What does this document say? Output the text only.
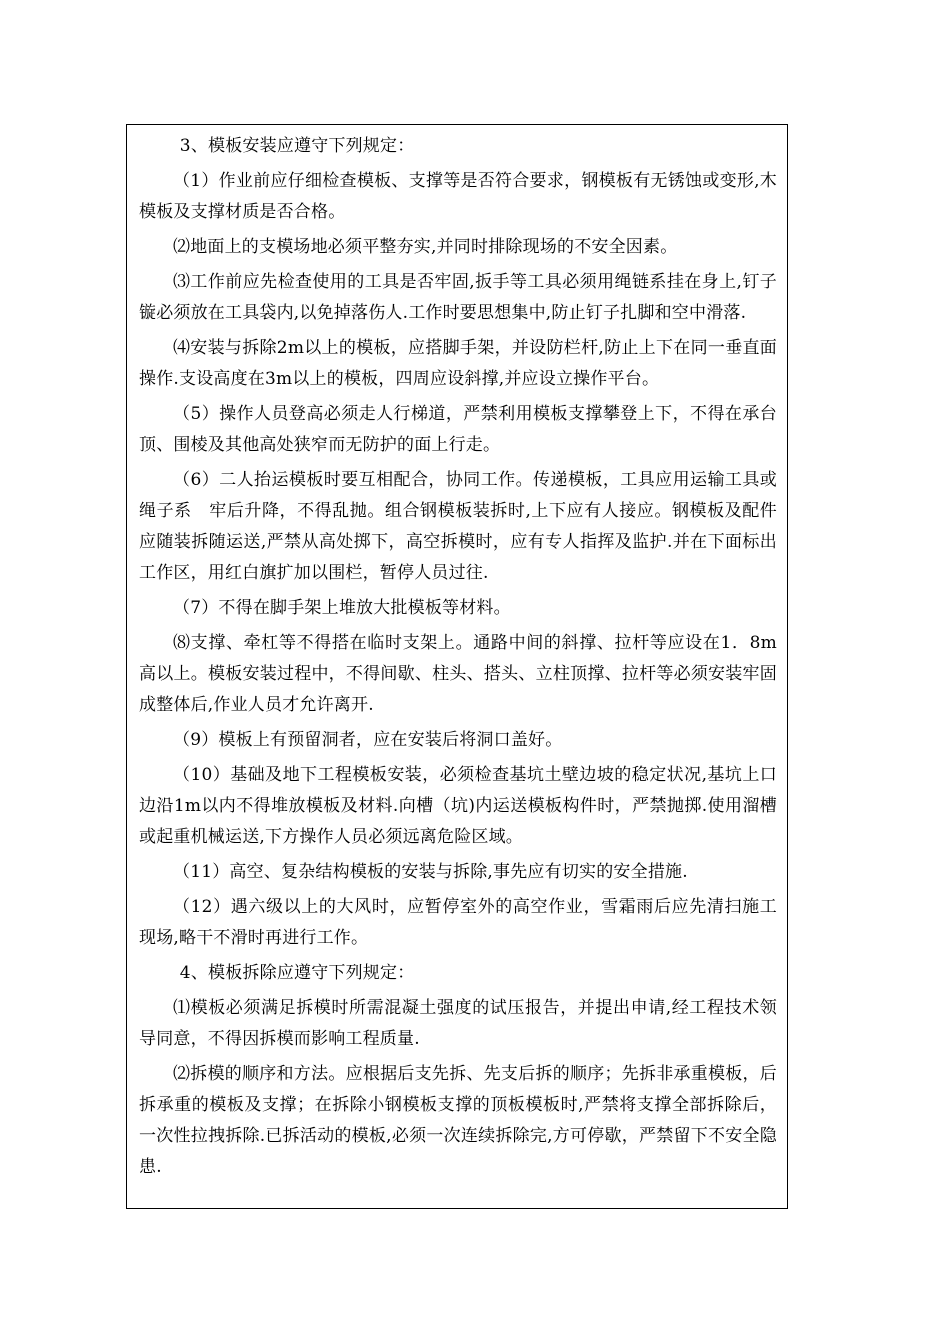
3、模板安装应遵守下列规定：

（1）作业前应仔细检查模板、支撑等是否符合要求，钢模板有无锈蚀或变形,木模板及支撑材质是否合格。

⑵地面上的支模场地必须平整夯实,并同时排除现场的不安全因素。

⑶工作前应先检查使用的工具是否牢固,扳手等工具必须用绳链系挂在身上,钉子镟必须放在工具袋内,以免掉落伤人.工作时要思想集中,防止钉子扎脚和空中滑落.

⑷安装与拆除2m以上的模板，应搭脚手架，并设防栏杆,防止上下在同一垂直面操作.支设高度在3m以上的模板，四周应设斜撑,并应设立操作平台。

（5）操作人员登高必须走人行梯道，严禁利用模板支撑攀登上下，不得在承台顶、围棱及其他高处狭窄而无防护的面上行走。

（6）二人抬运模板时要互相配合，协同工作。传递模板，工具应用运输工具或绳子系　牢后升降，不得乱抛。组合钢模板装拆时,上下应有人接应。钢模板及配件应随装拆随运送,严禁从高处掷下，高空拆模时，应有专人指挥及监护.并在下面标出工作区，用红白旗扩加以围栏，暂停人员过往.

（7）不得在脚手架上堆放大批模板等材料。

⑻支撑、牵杠等不得搭在临时支架上。通路中间的斜撑、拉杆等应设在1．8m高以上。模板安装过程中，不得间歇、柱头、搭头、立柱顶撑、拉杆等必须安装牢固成整体后,作业人员才允许离开.

（9）模板上有预留洞者，应在安装后将洞口盖好。

（10）基础及地下工程模板安装，必须检查基坑土壁边坡的稳定状况,基坑上口边沿1m以内不得堆放模板及材料.向槽（坑)内运送模板构件时，严禁抛掷.使用溜槽或起重机械运送,下方操作人员必须远离危险区域。

（11）高空、复杂结构模板的安装与拆除,事先应有切实的安全措施.

（12）遇六级以上的大风时，应暂停室外的高空作业，雪霜雨后应先清扫施工现场,略干不滑时再进行工作。

4、模板拆除应遵守下列规定：

⑴模板必须满足拆模时所需混凝土强度的试压报告，并提出申请,经工程技术领导同意，不得因拆模而影响工程质量.

⑵拆模的顺序和方法。应根据后支先拆、先支后拆的顺序；先拆非承重模板，后拆承重的模板及支撑；在拆除小钢模板支撑的顶板模板时,严禁将支撑全部拆除后，一次性拉拽拆除.已拆活动的模板,必须一次连续拆除完,方可停歇，严禁留下不安全隐患.
